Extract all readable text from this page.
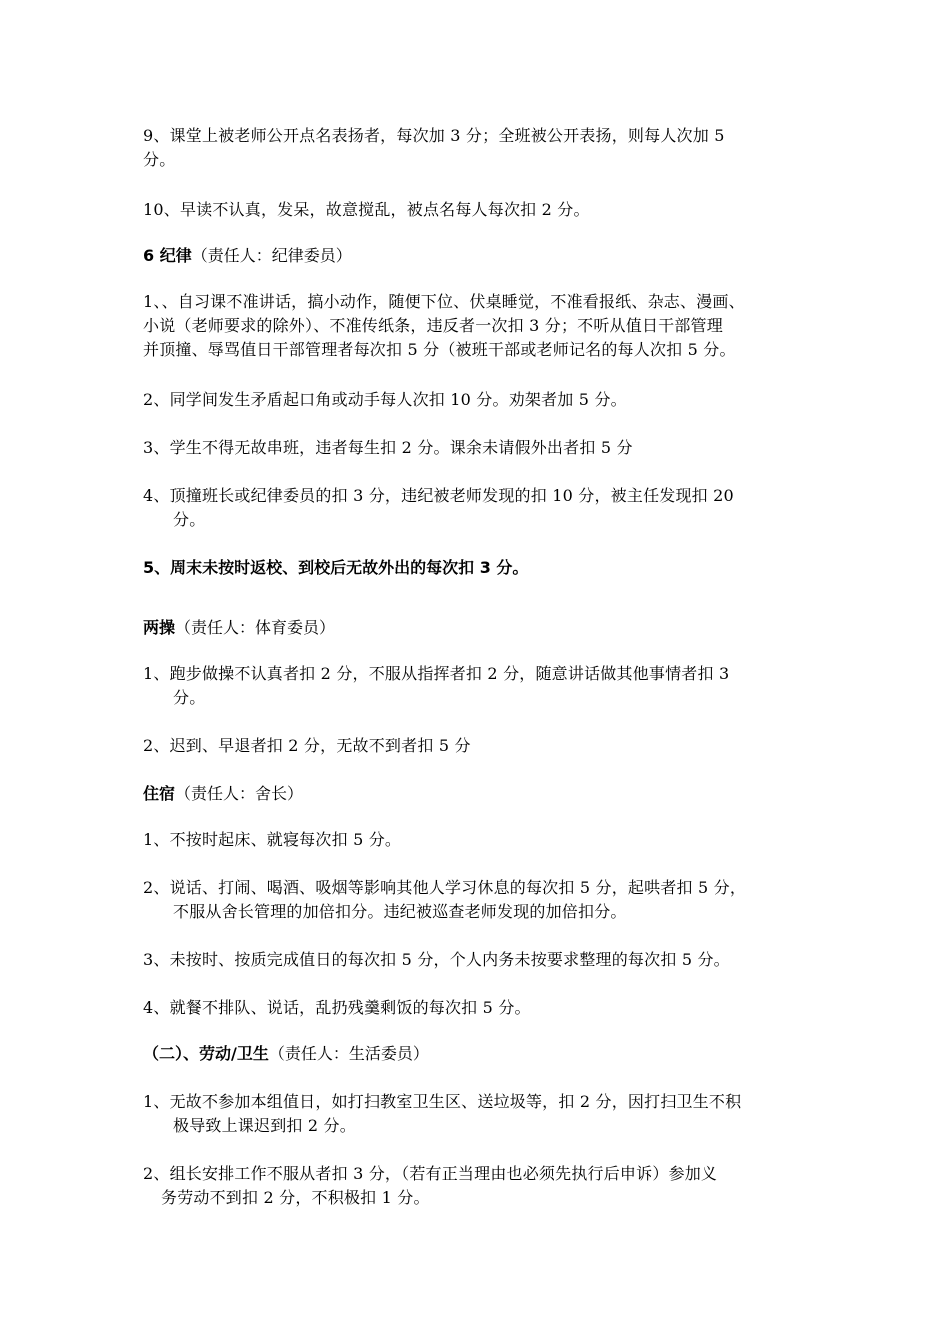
9、课堂上被老师公开点名表扬者，每次加 3 分；全班被公开表扬，则每人次加 5
分。

10、早读不认真，发呆，故意搅乱，被点名每人每次扣 2 分。

6 纪律（责任人：纪律委员）

1、、自习课不准讲话，搞小动作，随便下位、伏桌睡觉，不准看报纸、杂志、漫画、
小说（老师要求的除外）、不准传纸条，违反者一次扣 3 分；不听从值日干部管理
并顶撞、辱骂值日干部管理者每次扣 5 分（被班干部或老师记名的每人次扣 5 分。

2、同学间发生矛盾起口角或动手每人次扣 10 分。劝架者加 5 分。

3、学生不得无故串班，违者每生扣 2 分。课余未请假外出者扣 5 分

4、顶撞班长或纪律委员的扣 3 分，违纪被老师发现的扣 10 分，被主任发现扣 20
分。

5、周末未按时返校、到校后无故外出的每次扣 3 分。

两操（责任人：体育委员）

1、跑步做操不认真者扣 2 分，不服从指挥者扣 2 分，随意讲话做其他事情者扣 3
分。

2、迟到、早退者扣 2 分，无故不到者扣 5 分

住宿（责任人：舍长）

1、不按时起床、就寝每次扣 5 分。

2、说话、打闹、喝酒、吸烟等影响其他人学习休息的每次扣 5 分，起哄者扣 5 分，
不服从舍长管理的加倍扣分。违纪被巡查老师发现的加倍扣分。

3、未按时、按质完成值日的每次扣 5 分，个人内务未按要求整理的每次扣 5 分。

4、就餐不排队、说话，乱扔残羹剩饭的每次扣 5 分。

（二）、劳动/卫生（责任人：生活委员）

1、无故不参加本组值日，如打扫教室卫生区、送垃圾等，扣 2 分，因打扫卫生不积
极导致上课迟到扣 2 分。

2、组长安排工作不服从者扣 3 分，（若有正当理由也必须先执行后申诉）参加义
务劳动不到扣 2 分，不积极扣 1 分。
